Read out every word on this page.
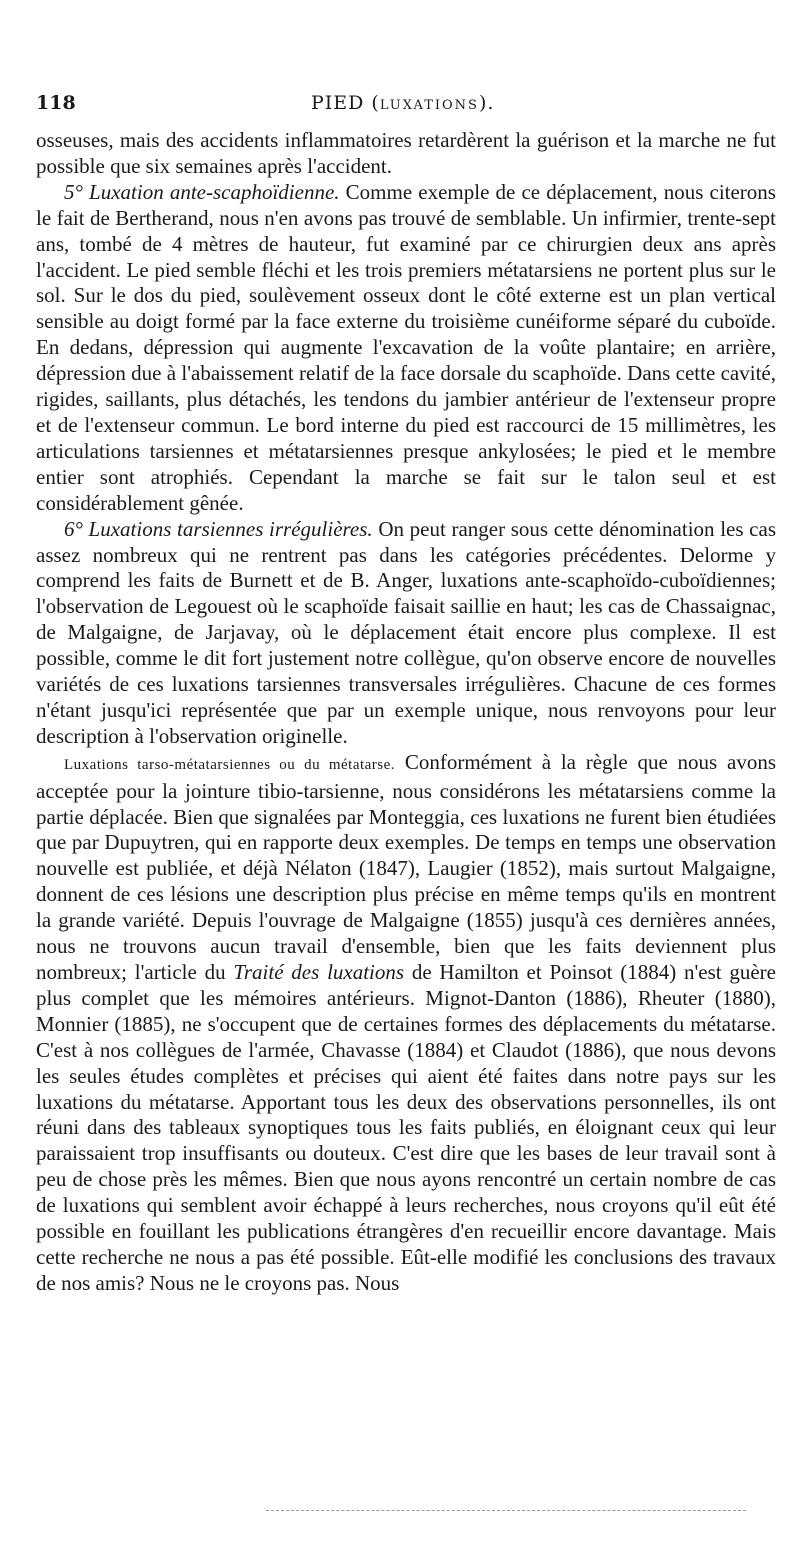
118	PIED (LUXATIONS).

osseuses, mais des accidents inflammatoires retardèrent la guérison et la marche ne fut possible que six semaines après l'accident.

5° Luxation ante-scaphoïdienne. Comme exemple de ce déplacement, nous citerons le fait de Bertherand, nous n'en avons pas trouvé de semblable. Un infirmier, trente-sept ans, tombé de 4 mètres de hauteur, fut examiné par ce chirurgien deux ans après l'accident. Le pied semble fléchi et les trois premiers métatarsiens ne portent plus sur le sol. Sur le dos du pied, soulèvement osseux dont le côté externe est un plan vertical sensible au doigt formé par la face externe du troisième cunéiforme séparé du cuboïde. En dedans, dépression qui augmente l'excavation de la voûte plantaire; en arrière, dépression due à l'abaissement relatif de la face dorsale du scaphoïde. Dans cette cavité, rigides, saillants, plus détachés, les tendons du jambier antérieur de l'extenseur propre et de l'extenseur commun. Le bord interne du pied est raccourci de 15 millimètres, les articulations tarsiennes et métatarsiennes presque ankylosées; le pied et le membre entier sont atrophiés. Cependant la marche se fait sur le talon seul et est considérablement gênée.

6° Luxations tarsiennes irrégulières. On peut ranger sous cette dénomination les cas assez nombreux qui ne rentrent pas dans les catégories précédentes. Delorme y comprend les faits de Burnett et de B. Anger, luxations ante-scaphoïdo-cuboïdiennes; l'observation de Legouest où le scaphoïde faisait saillie en haut; les cas de Chassaignac, de Malgaigne, de Jarjavay, où le déplacement était encore plus complexe. Il est possible, comme le dit fort justement notre collègue, qu'on observe encore de nouvelles variétés de ces luxations tarsiennes transversales irrégulières. Chacune de ces formes n'étant jusqu'ici représentée que par un exemple unique, nous renvoyons pour leur description à l'observation originelle.

Luxations tarso-métatarsiennes ou du métatarse. Conformément à la règle que nous avons acceptée pour la jointure tibio-tarsienne, nous considérons les métatarsiens comme la partie déplacée. Bien que signalées par Monteggia, ces luxations ne furent bien étudiées que par Dupuytren, qui en rapporte deux exemples. De temps en temps une observation nouvelle est publiée, et déjà Nélaton (1847), Laugier (1852), mais surtout Malgaigne, donnent de ces lésions une description plus précise en même temps qu'ils en montrent la grande variété. Depuis l'ouvrage de Malgaigne (1855) jusqu'à ces dernières années, nous ne trouvons aucun travail d'ensemble, bien que les faits deviennent plus nombreux; l'article du Traité des luxations de Hamilton et Poinsot (1884) n'est guère plus complet que les mémoires antérieurs. Mignot-Danton (1886), Rheuter (1880), Monnier (1885), ne s'occupent que de certaines formes des déplacements du métatarse. C'est à nos collègues de l'armée, Chavasse (1884) et Claudot (1886), que nous devons les seules études complètes et précises qui aient été faites dans notre pays sur les luxations du métatarse. Apportant tous les deux des observations personnelles, ils ont réuni dans des tableaux synoptiques tous les faits publiés, en éloignant ceux qui leur paraissaient trop insuffisants ou douteux. C'est dire que les bases de leur travail sont à peu de chose près les mêmes. Bien que nous ayons rencontré un certain nombre de cas de luxations qui semblent avoir échappé à leurs recherches, nous croyons qu'il eût été possible en fouillant les publications étrangères d'en recueillir encore davantage. Mais cette recherche ne nous a pas été possible. Eût-elle modifié les conclusions des travaux de nos amis? Nous ne le croyons pas. Nous
